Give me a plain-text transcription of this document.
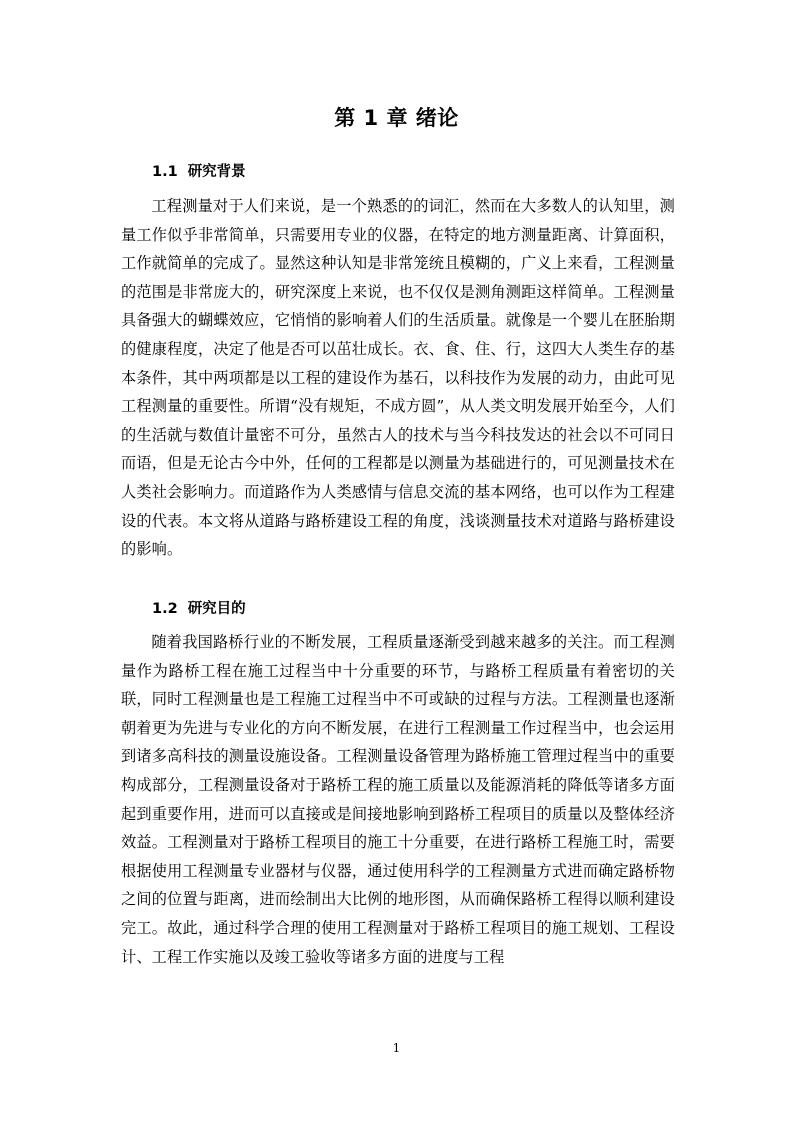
第 1 章 绪论
1.1 研究背景

工程测量对于人们来说，是一个熟悉的的词汇，然而在大多数人的认知里，测量工作似乎非常简单，只需要用专业的仪器，在特定的地方测量距离、计算面积，工作就简单的完成了。显然这种认知是非常笼统且模糊的，广义上来看，工程测量的范围是非常庞大的，研究深度上来说，也不仅仅是测角测距这样简单。工程测量具备强大的蝴蝶效应，它悄悄的影响着人们的生活质量。就像是一个婴儿在胚胎期的健康程度，决定了他是否可以茁壮成长。衣、食、住、行，这四大人类生存的基本条件，其中两项都是以工程的建设作为基石，以科技作为发展的动力，由此可见工程测量的重要性。所谓“没有规矩，不成方圆”，从人类文明发展开始至今，人们的生活就与数值计量密不可分，虽然古人的技术与当今科技发达的社会以不可同日而语，但是无论古今中外，任何的工程都是以测量为基础进行的，可见测量技术在人类社会影响力。而道路作为人类感情与信息交流的基本网络，也可以作为工程建设的代表。本文将从道路与路桥建设工程的角度，浅谈测量技术对道路与路桥建设的影响。

1.2 研究目的

随着我国路桥行业的不断发展，工程质量逐渐受到越来越多的关注。而工程测量作为路桥工程在施工过程当中十分重要的环节，与路桥工程质量有着密切的关联，同时工程测量也是工程施工过程当中不可或缺的过程与方法。工程测量也逐渐朝着更为先进与专业化的方向不断发展，在进行工程测量工作过程当中，也会运用到诸多高科技的测量设施设备。工程测量设备管理为路桥施工管理过程当中的重要构成部分，工程测量设备对于路桥工程的施工质量以及能源消耗的降低等诸多方面起到重要作用，进而可以直接或是间接地影响到路桥工程项目的质量以及整体经济效益。工程测量对于路桥工程项目的施工十分重要，在进行路桥工程施工时，需要根据使用工程测量专业器材与仪器，通过使用科学的工程测量方式进而确定路桥物之间的位置与距离，进而绘制出大比例的地形图，从而确保路桥工程得以顺利建设完工。故此，通过科学合理的使用工程测量对于路桥工程项目的施工规划、工程设计、工程工作实施以及竣工验收等诸多方面的进度与工程

1
